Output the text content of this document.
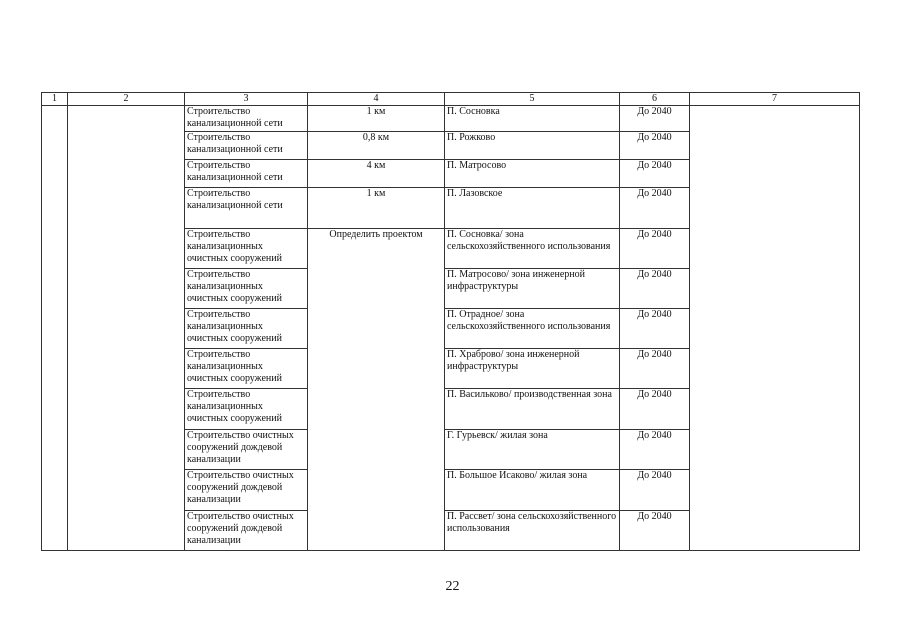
1	2	3	4	5	6	7
		Строительство канализационной сети	1 км	П. Сосновка	До 2040	
		Строительство канализационной сети	0,8 км	П. Рожково	До 2040	
		Строительство канализационной сети	4 км	П. Матросово	До 2040	
		Строительство канализационной сети	1 км	П. Лазовское	До 2040	
		Строительство канализационных очистных сооружений	Определить проектом	П. Сосновка/ зона сельскохозяйственного использования	До 2040	
		Строительство канализационных очистных сооружений		П. Матросово/ зона инженерной инфраструктуры	До 2040	
		Строительство канализационных очистных сооружений		П. Отрадное/ зона сельскохозяйственного использования	До 2040	
		Строительство канализационных очистных сооружений		П. Храброво/ зона инженерной инфраструктуры	До 2040	
		Строительство канализационных очистных сооружений		П. Васильково/ производственная зона	До 2040	
		Строительство очистных сооружений дождевой канализации		Г. Гурьевск/ жилая зона	До 2040	
		Строительство очистных сооружений дождевой канализации		П. Большое Исаково/ жилая зона	До 2040	
		Строительство очистных сооружений дождевой канализации		П. Рассвет/ зона сельскохозяйственного использования	До 2040	
22
